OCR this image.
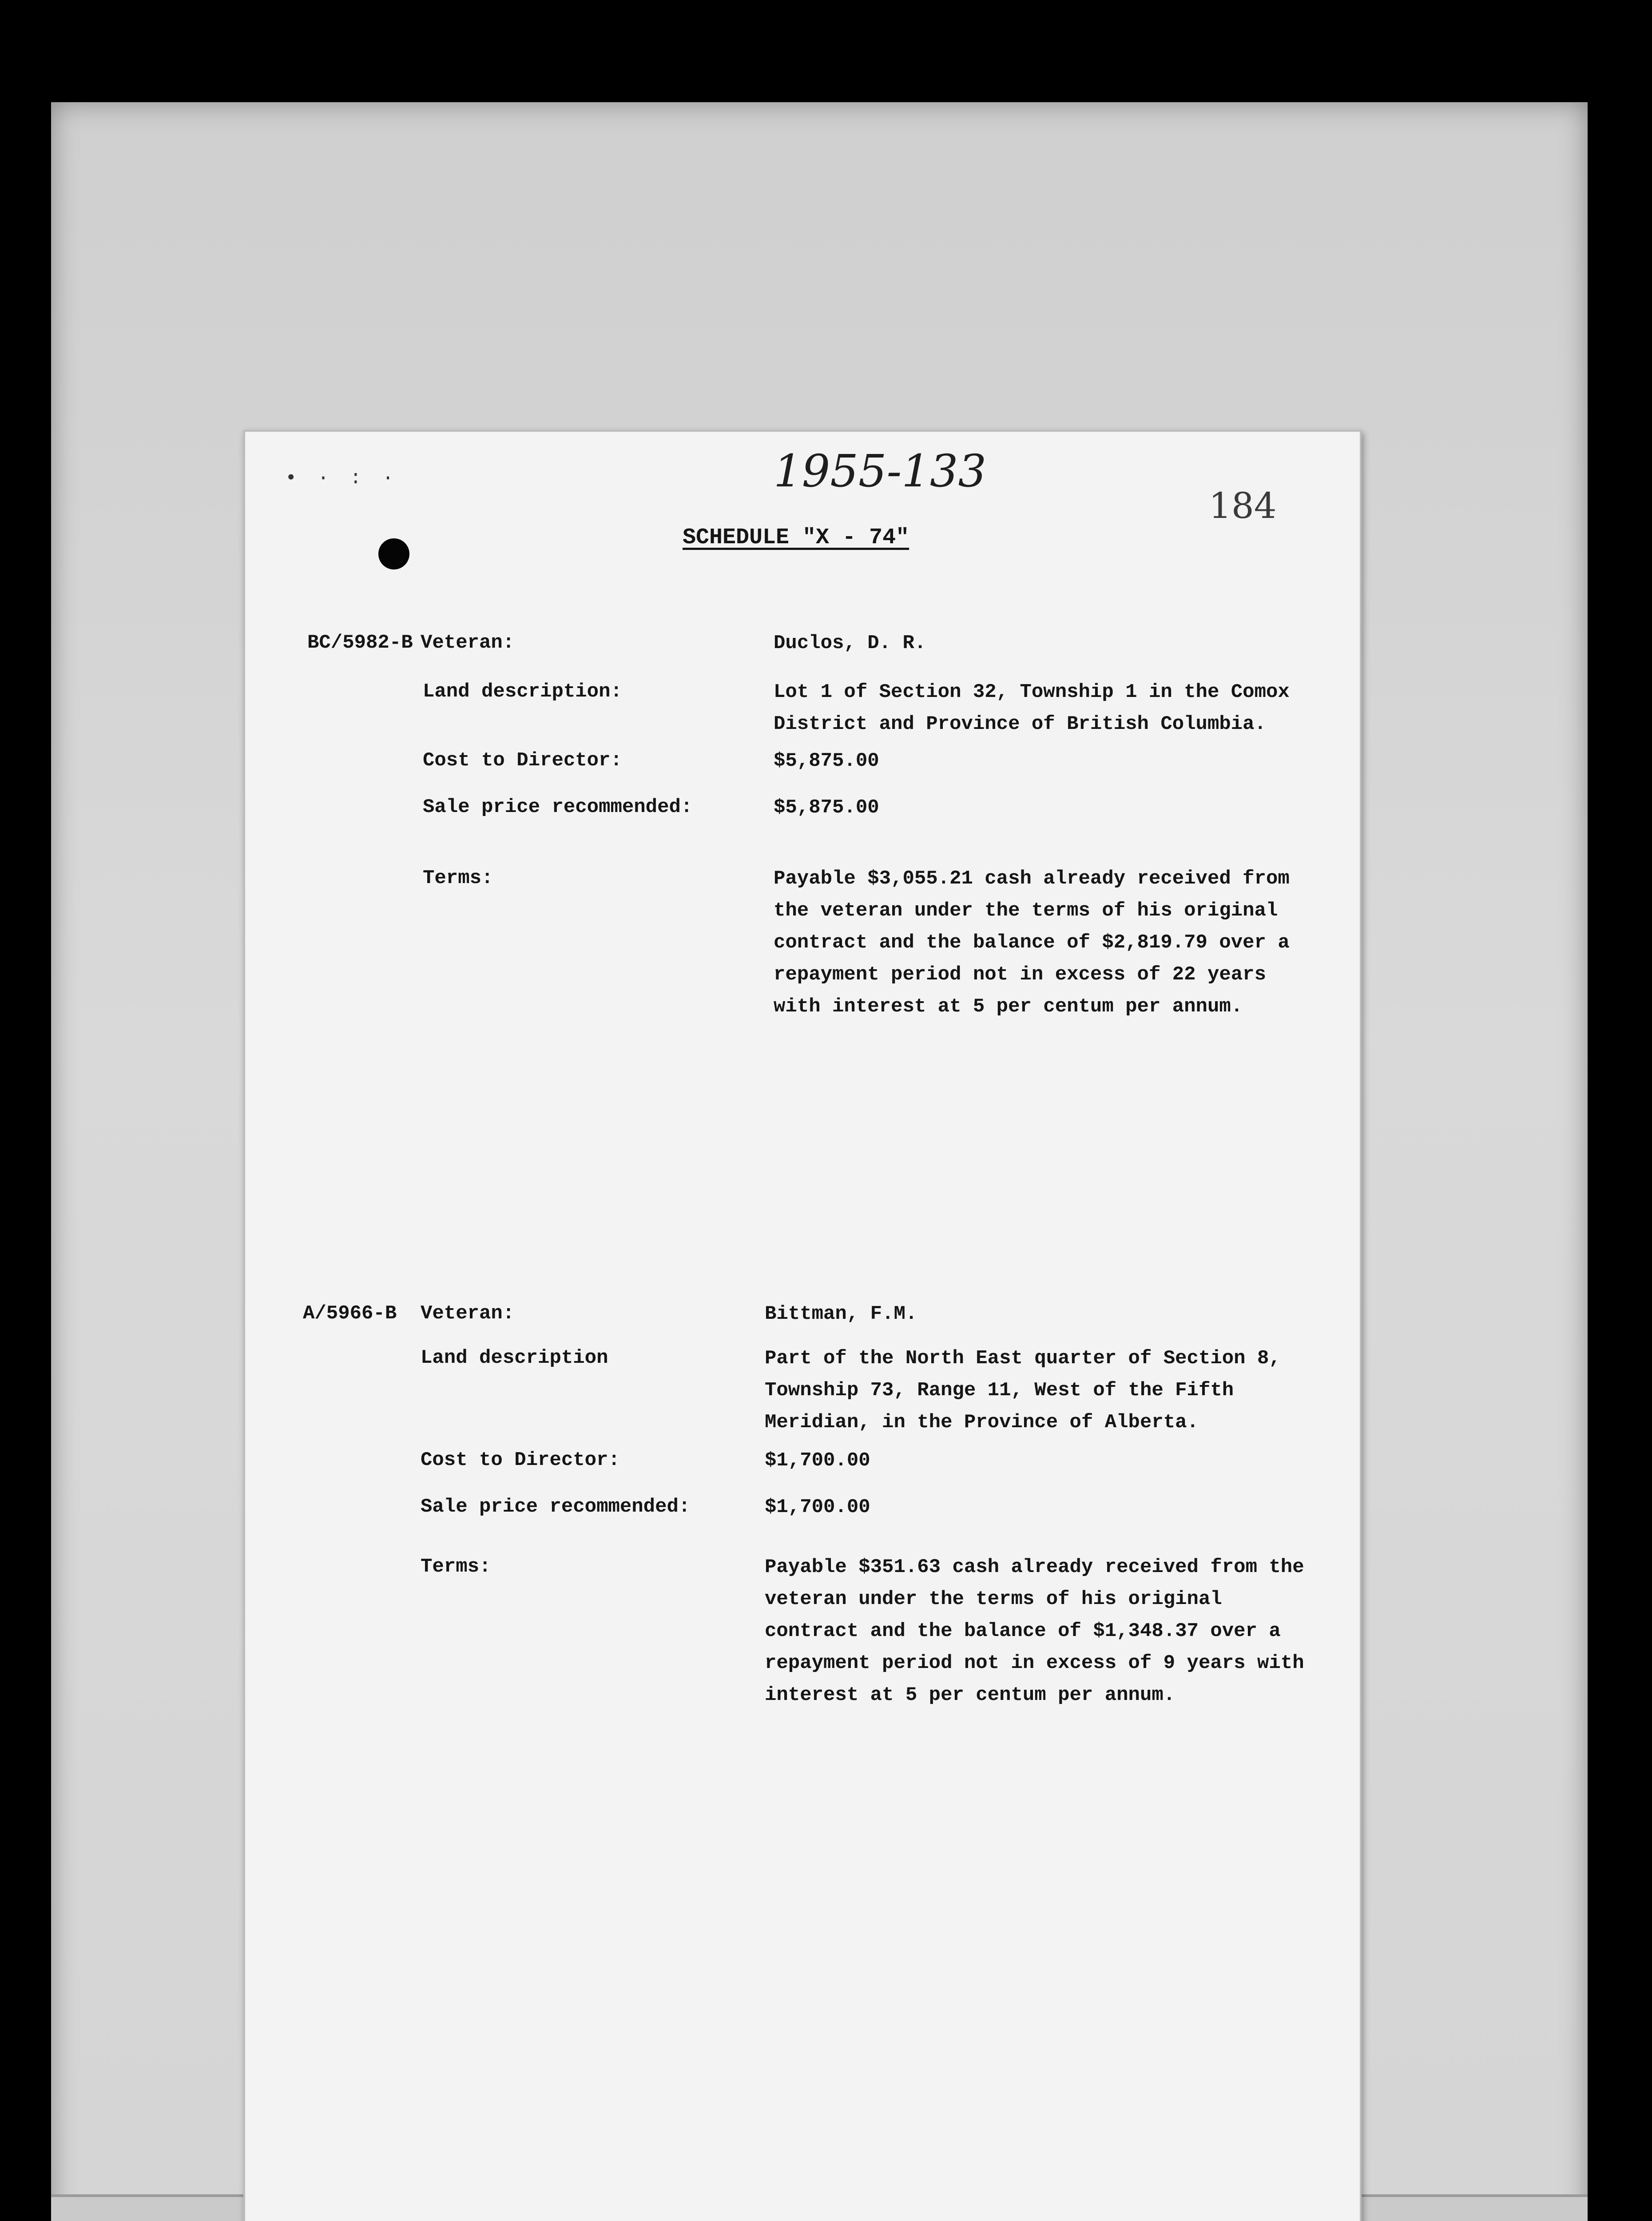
• · : ·	1955-133
184
SCHEDULE "X - 74"
BC/5982-B Veteran:	Duclos, D. R.
Land description:	Lot 1 of Section 32, Township 1 in the Comox District and Province of British Columbia.
Cost to Director:	$5,875.00
Sale price recommended:	$5,875.00
Terms:	Payable $3,055.21 cash already received from the veteran under the terms of his original contract and the balance of $2,819.79 over a repayment period not in excess of 22 years with interest at 5 per centum per annum.
A/5966-B Veteran:	Bittman, F.M.
Land description	Part of the North East quarter of Section 8, Township 73, Range 11, West of the Fifth Meridian, in the Province of Alberta.
Cost to Director:	$1,700.00
Sale price recommended:	$1,700.00
Terms:	Payable $351.63 cash already received from the veteran under the terms of his original contract and the balance of $1,348.37 over a repayment period not in excess of 9 years with interest at 5 per centum per annum.
